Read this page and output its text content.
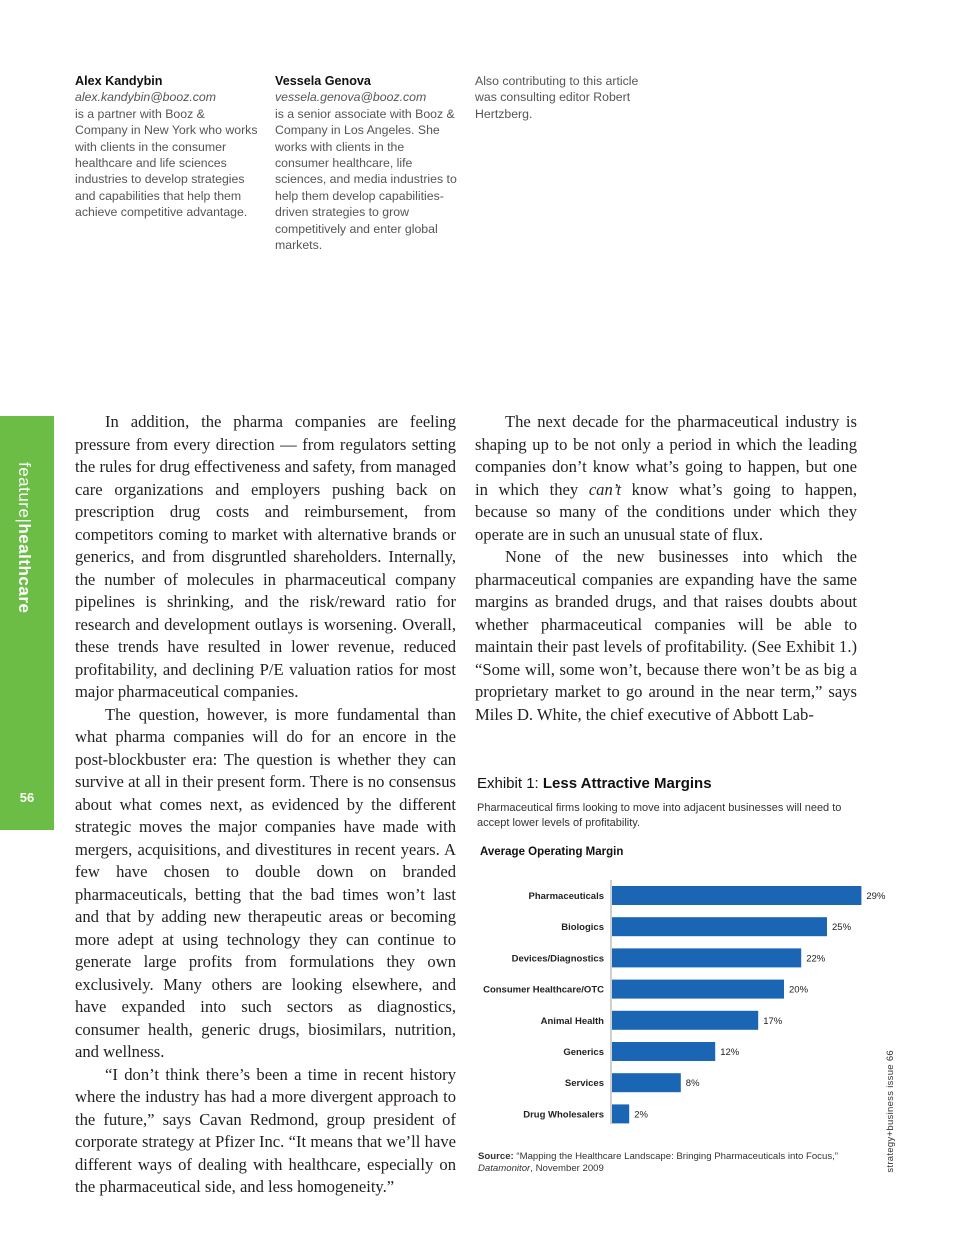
Alex Kandybin
alex.kandybin@booz.com
is a partner with Booz & Company in New York who works with clients in the consumer healthcare and life sciences industries to develop strategies and capabilities that help them achieve competitive advantage.
Vessela Genova
vessela.genova@booz.com
is a senior associate with Booz & Company in Los Angeles. She works with clients in the consumer healthcare, life sciences, and media industries to help them develop capabilities-driven strategies to grow competitively and enter global markets.
Also contributing to this article was consulting editor Robert Hertzberg.
feature|healthcare
56

In addition, the pharma companies are feeling pressure from every direction — from regulators setting the rules for drug effectiveness and safety, from managed care organizations and employers pushing back on prescription drug costs and reimbursement, from competitors coming to market with alternative brands or generics, and from disgruntled shareholders. Internally, the number of molecules in pharmaceutical company pipelines is shrinking, and the risk/reward ratio for research and development outlays is worsening. Overall, these trends have resulted in lower revenue, reduced profitability, and declining P/E valuation ratios for most major pharmaceutical companies.

The question, however, is more fundamental than what pharma companies will do for an encore in the post-blockbuster era: The question is whether they can survive at all in their present form. There is no consensus about what comes next, as evidenced by the different strategic moves the major companies have made with mergers, acquisitions, and divestitures in recent years. A few have chosen to double down on branded pharmaceuticals, betting that the bad times won’t last and that by adding new therapeutic areas or becoming more adept at using technology they can continue to generate large profits from formulations they own exclusively. Many others are looking elsewhere, and have expanded into such sectors as diagnostics, consumer health, generic drugs, biosimilars, nutrition, and wellness.

“I don’t think there’s been a time in recent history where the industry has had a more divergent approach to the future,” says Cavan Redmond, group president of corporate strategy at Pfizer Inc. “It means that we’ll have different ways of dealing with healthcare, especially on the pharmaceutical side, and less homogeneity.”

The next decade for the pharmaceutical industry is shaping up to be not only a period in which the leading companies don’t know what’s going to happen, but one in which they can’t know what’s going to happen, because so many of the conditions under which they operate are in such an unusual state of flux.

None of the new businesses into which the pharmaceutical companies are expanding have the same margins as branded drugs, and that raises doubts about whether pharmaceutical companies will be able to maintain their past levels of profitability. (See Exhibit 1.) “Some will, some won’t, because there won’t be as big a proprietary market to go around in the near term,” says Miles D. White, the chief executive of Abbott Lab-

Exhibit 1: Less Attractive Margins
Pharmaceutical firms looking to move into adjacent businesses will need to accept lower levels of profitability.
Average Operating Margin
Pharmaceuticals	29%
Biologics	25%
Devices/Diagnostics	22%
Consumer Healthcare/OTC	20%
Animal Health	17%
Generics	12%
Services	8%
Drug Wholesalers	2%
Source: “Mapping the Healthcare Landscape: Bringing Pharmaceuticals into Focus,”
Datamonitor, November 2009	strategy+business issue 66
